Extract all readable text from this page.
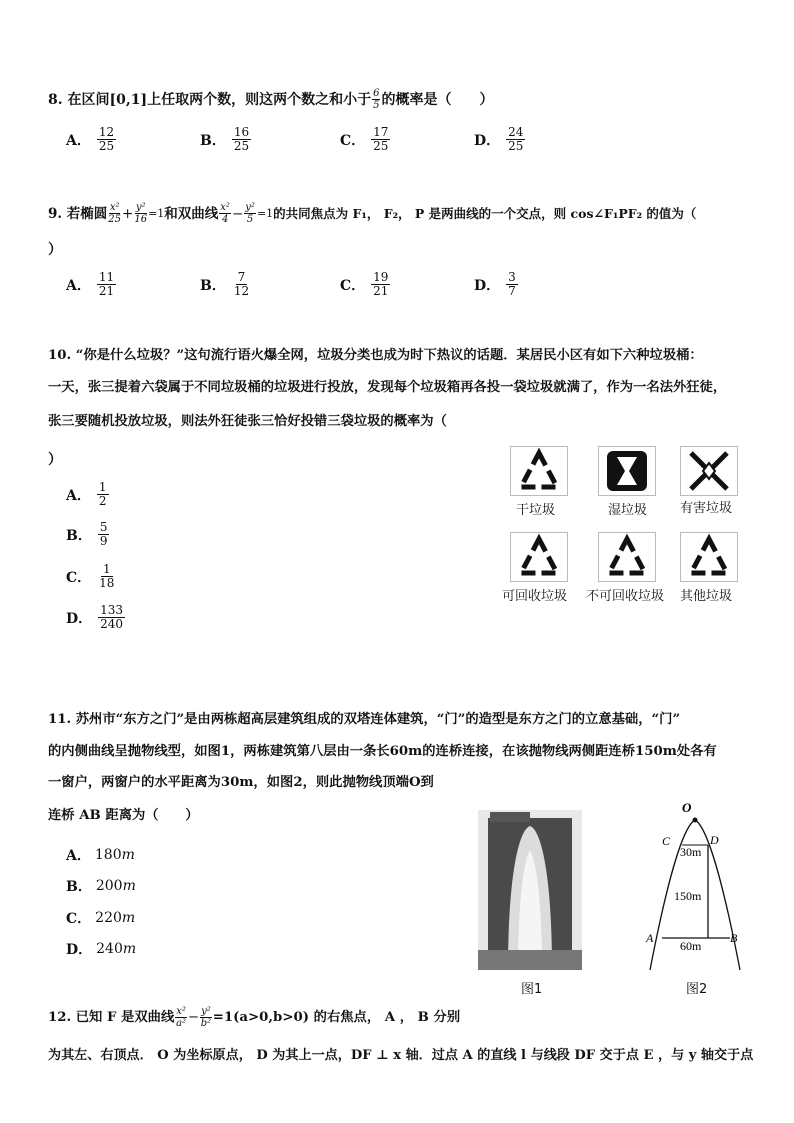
8.
在区间[0,1]上任取两个数，则这两个数之和小于 $\frac{6}{5}$ 的概率是（　　）
A． $\frac{12}{25}$	B． $\frac{16}{25}$	C． $\frac{17}{25}$	D． $\frac{24}{25}$
9.
若椭圆 $\frac{\text{x²}}{25} + \frac{\text{y²}}{16} =1$ 和双曲线 $\frac{\text{x²}}{4} - \frac{\text{y²}}{5} =1$ 的共同焦点为 F₁， F₂， P 是两曲线的一个交点，则 cos∠F₁PF₂ 的值为（
）
A． $\frac{11}{21}$	B． $\frac{7}{12}$	C． $\frac{19}{21}$	D． $\frac{3}{7}$
10. “你是什么垃圾？”这句流行语火爆全网，垃圾分类也成为时下热议的话题．某居民小区有如下六种垃圾桶：
一天，张三提着六袋属于不同垃圾桶的垃圾进行投放，发现每个垃圾箱再各投一袋垃圾就满了，作为一名法外狂徒，
张三要随机投放垃圾，则法外狂徒张三恰好投错三袋垃圾的概率为（
）
A． $\frac{1}{2}$
B． $\frac{5}{9}$
C． $\frac{1}{18}$
D． $\frac{133}{240}$
干垃圾	湿垃圾	有害垃圾
可回收垃圾 不可回收垃圾 其他垃圾
11. 苏州市“东方之门”是由两栋超高层建筑组成的双塔连体建筑，“门”的造型是东方之门的立意基础，“门”
的内侧曲线呈抛物线型，如图1，两栋建筑第八层由一条长60m的连桥连接，在该抛物线两侧距连桥150m处各有
一窗户，两窗户的水平距离为30m，如图2，则此抛物线顶端O到
连桥 AB 距离为（　　）
A． 180 m
B． 200 m
C． 220 m
D． 240 m
图1
O
C	D
A	B
30m
150m
60m
图2
12. 已知 F 是双曲线 $\frac{\text{x²}}{\text{a²}} - \frac{\text{y²}}{\text{b²}} =1(a>0,b>0)$ 的右焦点， A ， B 分别
为其左、右顶点． O 为坐标原点， D 为其上一点，DF ⊥ x 轴．过点 A 的直线 l 与线段 DF 交于点 E ，与 y 轴交于点
